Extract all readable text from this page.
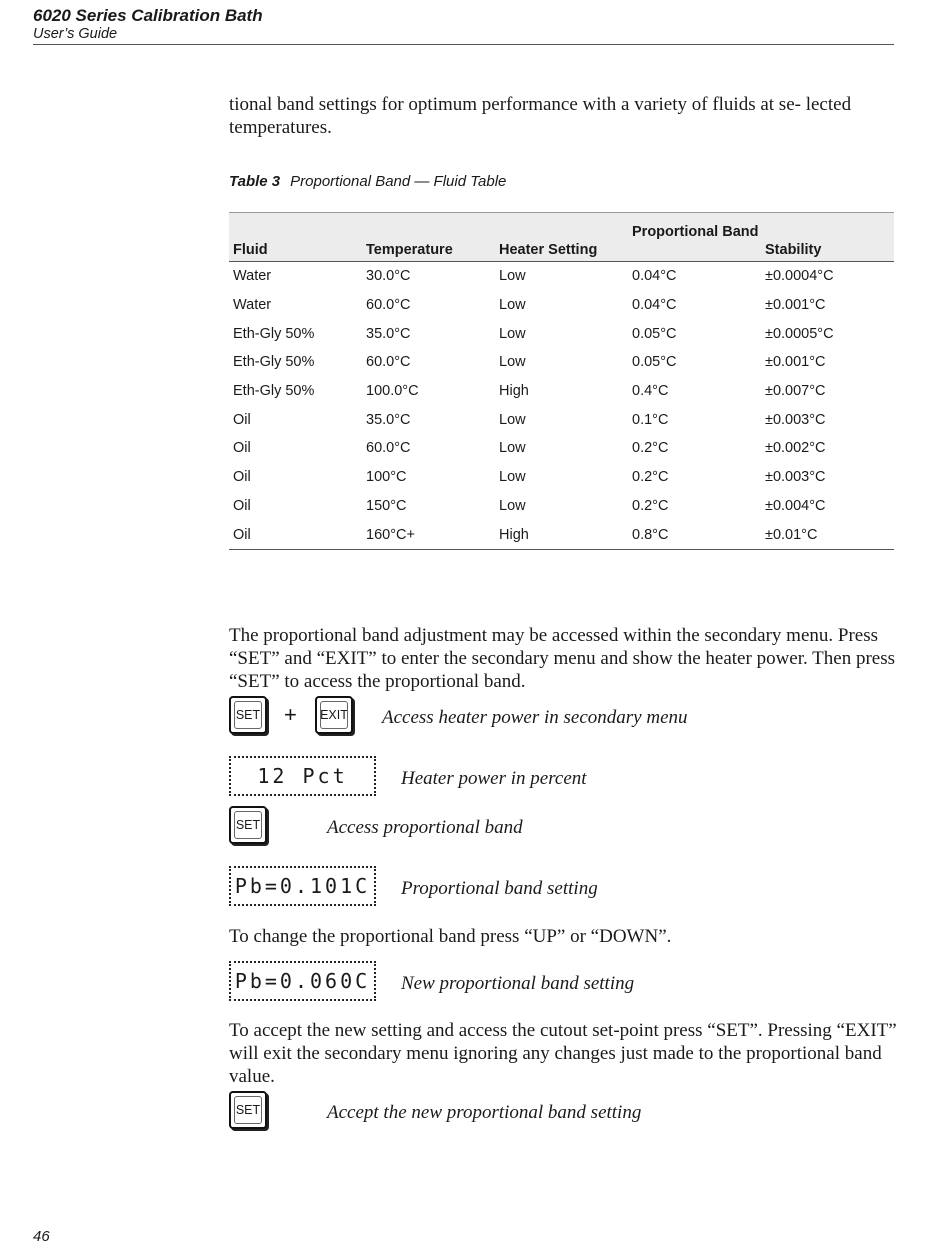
6020 Series Calibration Bath
User’s Guide
tional band settings for optimum performance with a variety of fluids at se- lected temperatures.
Table 3 Proportional Band — Fluid Table
Fluid	Temperature	Heater Setting	Proportional Band	Stability
Water	30.0°C	Low	0.04°C	±0.0004°C
Water	60.0°C	Low	0.04°C	±0.001°C
Eth-Gly 50%	35.0°C	Low	0.05°C	±0.0005°C
Eth-Gly 50%	60.0°C	Low	0.05°C	±0.001°C
Eth-Gly 50%	100.0°C	High	0.4°C	±0.007°C
Oil	35.0°C	Low	0.1°C	±0.003°C
Oil	60.0°C	Low	0.2°C	±0.002°C
Oil	100°C	Low	0.2°C	±0.003°C
Oil	150°C	Low	0.2°C	±0.004°C
Oil	160°C+	High	0.8°C	±0.01°C
The proportional band adjustment may be accessed within the secondary menu. Press “SET” and “EXIT” to enter the secondary menu and show the heater power. Then press “SET” to access the proportional band.
SET + EXIT Access heater power in secondary menu
12 Pct	Heater power in percent
SET	Access proportional band
Pb=0.101C	Proportional band setting
To change the proportional band press “UP” or “DOWN”.
Pb=0.060C	New proportional band setting
To accept the new setting and access the cutout set-point press “SET”. Pressing “EXIT” will exit the secondary menu ignoring any changes just made to the proportional band value.
SET	Accept the new proportional band setting
46
